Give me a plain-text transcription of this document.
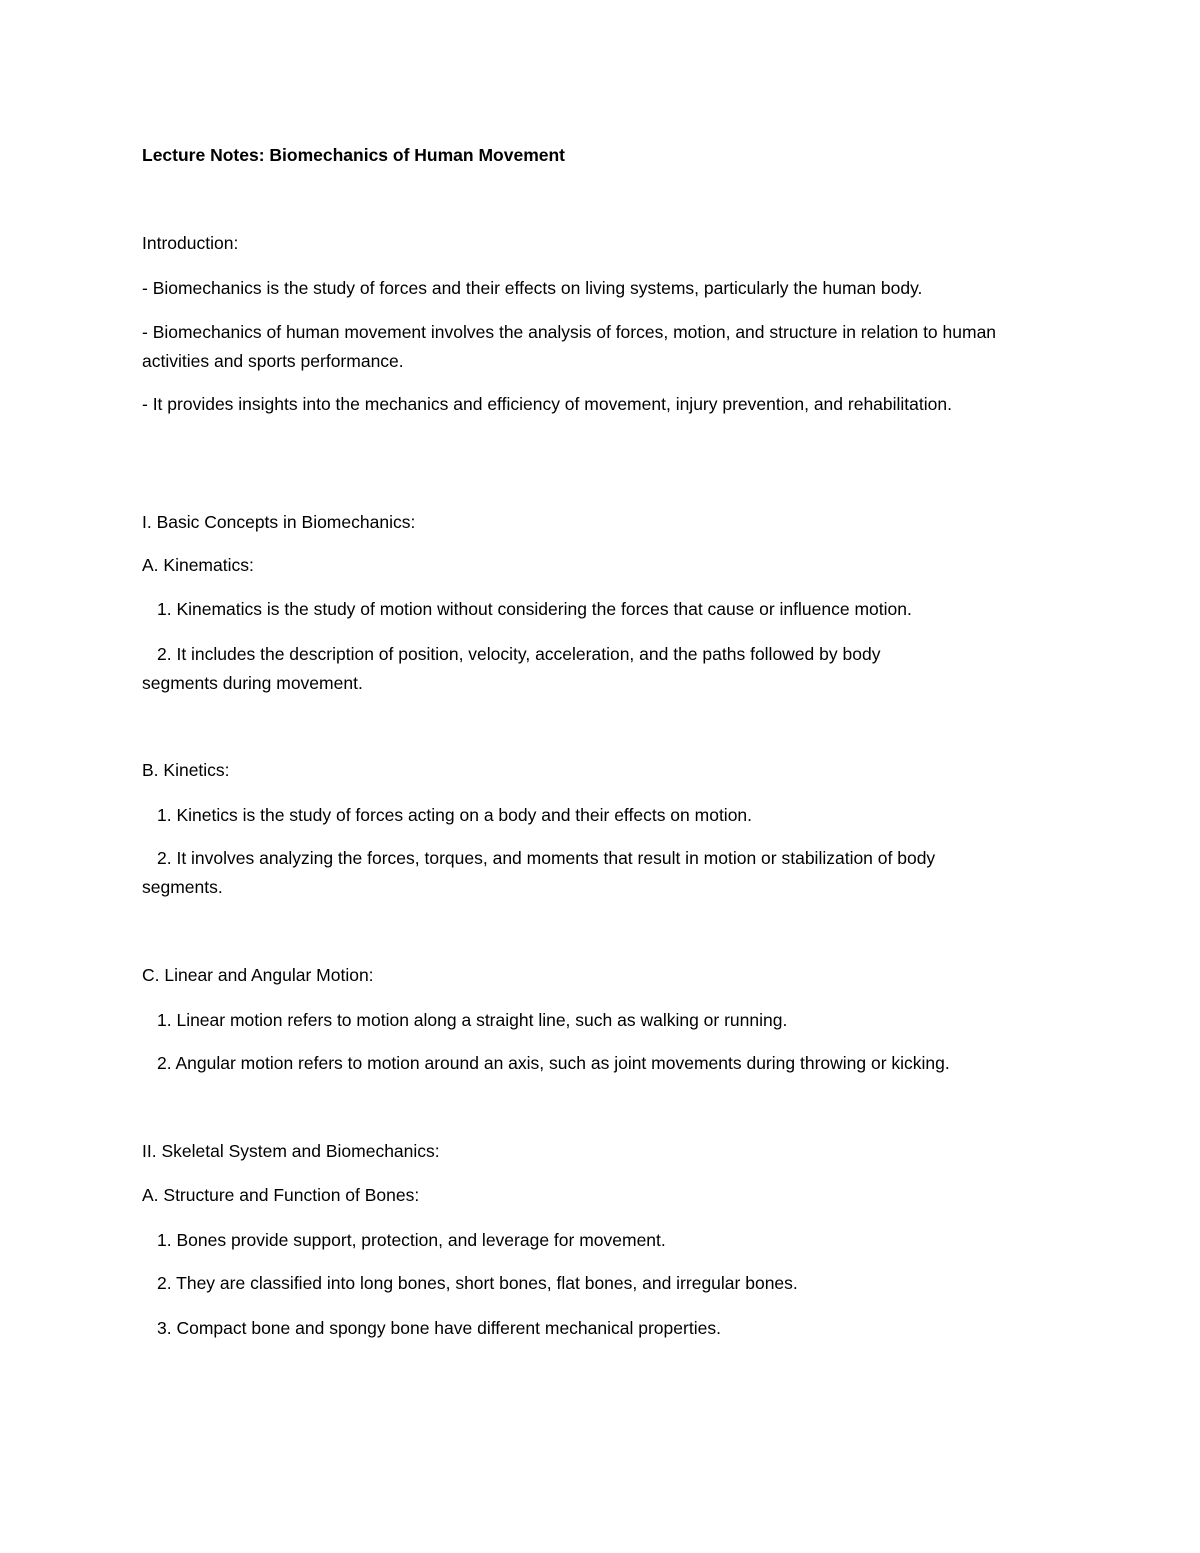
Lecture Notes: Biomechanics of Human Movement

Introduction:

- Biomechanics is the study of forces and their effects on living systems, particularly the human body.

- Biomechanics of human movement involves the analysis of forces, motion, and structure in relation to human activities and sports performance.

- It provides insights into the mechanics and efficiency of movement, injury prevention, and rehabilitation.

I. Basic Concepts in Biomechanics:

A. Kinematics:

1. Kinematics is the study of motion without considering the forces that cause or influence motion.

2. It includes the description of position, velocity, acceleration, and the paths followed by body

segments during movement.

B. Kinetics:

1. Kinetics is the study of forces acting on a body and their effects on motion.

2. It involves analyzing the forces, torques, and moments that result in motion or stabilization of body

segments.

C. Linear and Angular Motion:

1. Linear motion refers to motion along a straight line, such as walking or running.

2. Angular motion refers to motion around an axis, such as joint movements during throwing or kicking.

II. Skeletal System and Biomechanics:

A. Structure and Function of Bones:

1. Bones provide support, protection, and leverage for movement.

2. They are classified into long bones, short bones, flat bones, and irregular bones.

3. Compact bone and spongy bone have different mechanical properties.
